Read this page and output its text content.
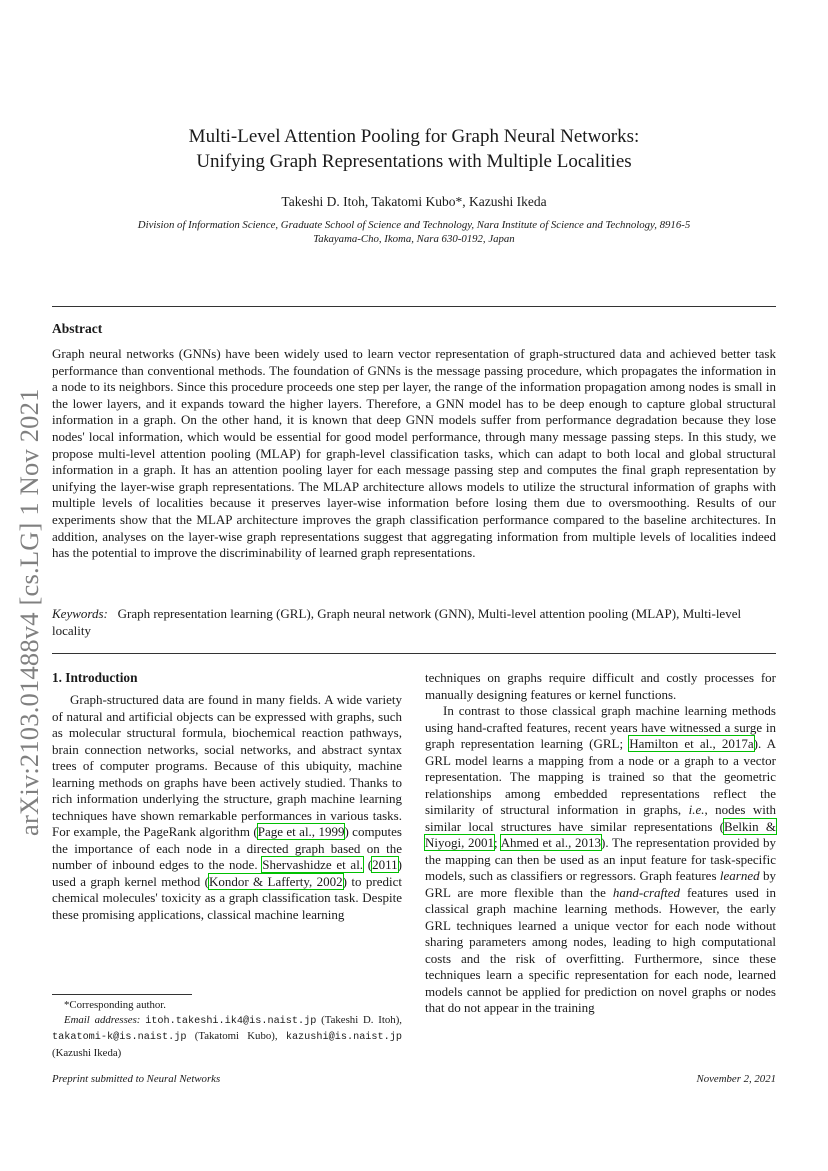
arXiv:2103.01488v4 [cs.LG] 1 Nov 2021
Multi-Level Attention Pooling for Graph Neural Networks:
Unifying Graph Representations with Multiple Localities
Takeshi D. Itoh, Takatomi Kubo*, Kazushi Ikeda
Division of Information Science, Graduate School of Science and Technology, Nara Institute of Science and Technology, 8916-5
Takayama-Cho, Ikoma, Nara 630-0192, Japan
Abstract
Graph neural networks (GNNs) have been widely used to learn vector representation of graph-structured data and achieved better task performance than conventional methods. The foundation of GNNs is the message passing procedure, which propagates the information in a node to its neighbors. Since this procedure proceeds one step per layer, the range of the information propagation among nodes is small in the lower layers, and it expands toward the higher layers. Therefore, a GNN model has to be deep enough to capture global structural information in a graph. On the other hand, it is known that deep GNN models suffer from performance degradation because they lose nodes' local information, which would be essential for good model performance, through many message passing steps. In this study, we propose multi-level attention pooling (MLAP) for graph-level classification tasks, which can adapt to both local and global structural information in a graph. It has an attention pooling layer for each message passing step and computes the final graph representation by unifying the layer-wise graph representations. The MLAP architecture allows models to utilize the structural information of graphs with multiple levels of localities because it preserves layer-wise information before losing them due to oversmoothing. Results of our experiments show that the MLAP architecture improves the graph classification performance compared to the baseline architectures. In addition, analyses on the layer-wise graph representations suggest that aggregating information from multiple levels of localities indeed has the potential to improve the discriminability of learned graph representations.
Keywords: Graph representation learning (GRL), Graph neural network (GNN), Multi-level attention pooling (MLAP), Multi-level locality
1. Introduction

Graph-structured data are found in many fields. A wide variety of natural and artificial objects can be expressed with graphs, such as molecular structural formula, biochemical reaction pathways, brain connection networks, social networks, and abstract syntax trees of computer programs. Because of this ubiquity, machine learning methods on graphs have been actively studied. Thanks to rich information underlying the structure, graph machine learning techniques have shown remarkable performances in various tasks. For example, the PageRank algorithm (Page et al., 1999) computes the importance of each node in a directed graph based on the number of inbound edges to the node. Shervashidze et al. (2011) used a graph kernel method (Kondor & Lafferty, 2002) to predict chemical molecules' toxicity as a graph classification task. Despite these promising applications, classical machine learning

techniques on graphs require difficult and costly processes for manually designing features or kernel functions.

In contrast to those classical graph machine learning methods using hand-crafted features, recent years have witnessed a surge in graph representation learning (GRL; Hamilton et al., 2017a). A GRL model learns a mapping from a node or a graph to a vector representation. The mapping is trained so that the geometric relationships among embedded representations reflect the similarity of structural information in graphs, i.e., nodes with similar local structures have similar representations (Belkin & Niyogi, 2001; Ahmed et al., 2013). The representation provided by the mapping can then be used as an input feature for task-specific models, such as classifiers or regressors. Graph features learned by GRL are more flexible than the hand-crafted features used in classical graph machine learning methods. However, the early GRL techniques learned a unique vector for each node without sharing parameters among nodes, leading to high computational costs and the risk of overfitting. Furthermore, since these techniques learn a specific representation for each node, learned models cannot be applied for prediction on novel graphs or nodes that do not appear in the training

*Corresponding author.
Email addresses: itoh.takeshi.ik4@is.naist.jp (Takeshi D. Itoh), takatomi-k@is.naist.jp (Takatomi Kubo), kazushi@is.naist.jp (Kazushi Ikeda)
Preprint submitted to Neural Networks	November 2, 2021
